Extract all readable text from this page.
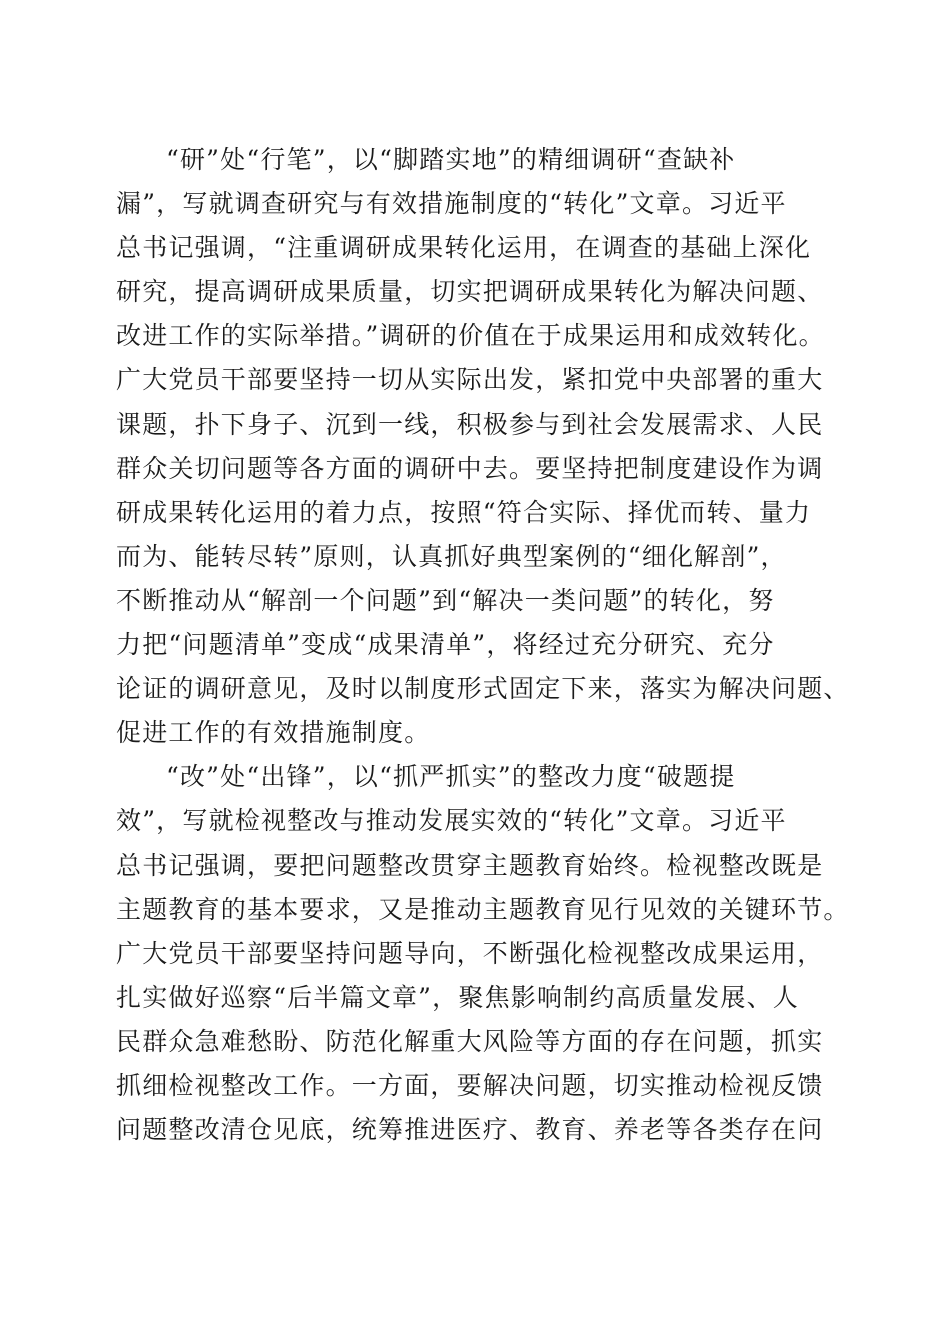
“研”处“行笔”，以“脚踏实地”的精细调研“查缺补
漏”，写就调查研究与有效措施制度的“转化”文章。习近平
总书记强调，“注重调研成果转化运用，在调查的基础上深化
研究，提高调研成果质量，切实把调研成果转化为解决问题、
改进工作的实际举措。”调研的价值在于成果运用和成效转化。
广大党员干部要坚持一切从实际出发，紧扣党中央部署的重大
课题，扑下身子、沉到一线，积极参与到社会发展需求、人民
群众关切问题等各方面的调研中去。要坚持把制度建设作为调
研成果转化运用的着力点，按照“符合实际、择优而转、量力
而为、能转尽转”原则，认真抓好典型案例的“细化解剖”，
不断推动从“解剖一个问题”到“解决一类问题”的转化，努
力把“问题清单”变成“成果清单”，将经过充分研究、充分
论证的调研意见，及时以制度形式固定下来，落实为解决问题、
促进工作的有效措施制度。
“改”处“出锋”，以“抓严抓实”的整改力度“破题提
效”，写就检视整改与推动发展实效的“转化”文章。习近平
总书记强调，要把问题整改贯穿主题教育始终。检视整改既是
主题教育的基本要求，又是推动主题教育见行见效的关键环节。
广大党员干部要坚持问题导向，不断强化检视整改成果运用，
扎实做好巡察“后半篇文章”，聚焦影响制约高质量发展、人
民群众急难愁盼、防范化解重大风险等方面的存在问题，抓实
抓细检视整改工作。一方面，要解决问题，切实推动检视反馈
问题整改清仓见底，统筹推进医疗、教育、养老等各类存在问
